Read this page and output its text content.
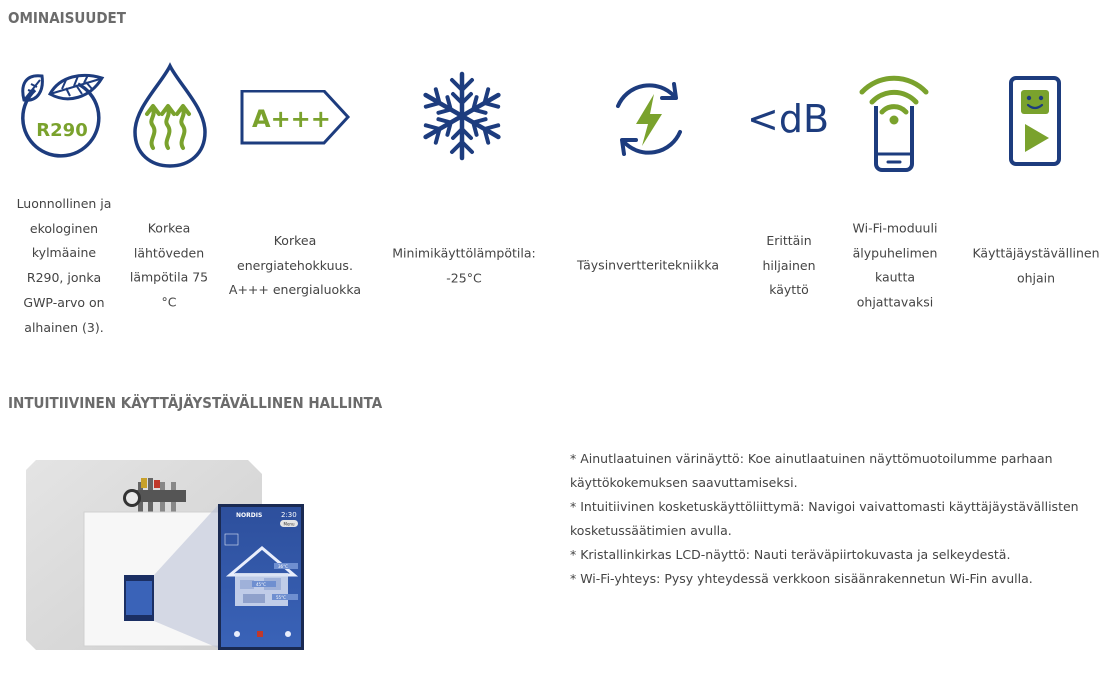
OMINAISUUDET
R290
Luonnollinen ja
ekologinen
kylmäaine
R290, jonka
GWP-arvo on
alhainen (3).
Korkea
lähtöveden
lämpötila 75
°C
A+++
Korkea
energiatehokkuus.
A+++ energialuokka
Minimikäyttölämpötila:
-25°C
Täysinvertteritekniikka
<dB
Erittäin
hiljainen
käyttö
Wi-Fi-moduuli
älypuhelimen
kautta
ohjattavaksi
Käyttäjäystävällinen
ohjain
INTUITIIVINEN KÄYTTÄJÄYSTÄVÄLLINEN HALLINTA
NORDIS	2:30
Menu
36°C
45°C
55°C

* Ainutlaatuinen värinäyttö: Koe ainutlaatuinen näyttömuotoilumme parhaan

käyttökokemuksen saavuttamiseksi.

* Intuitiivinen kosketuskäyttöliittymä: Navigoi vaivattomasti käyttäjäystävällisten

kosketussäätimien avulla.

* Kristallinkirkas LCD-näyttö: Nauti teräväpiirtokuvasta ja selkeydestä.

* Wi-Fi-yhteys: Pysy yhteydessä verkkoon sisäänrakennetun Wi-Fin avulla.
